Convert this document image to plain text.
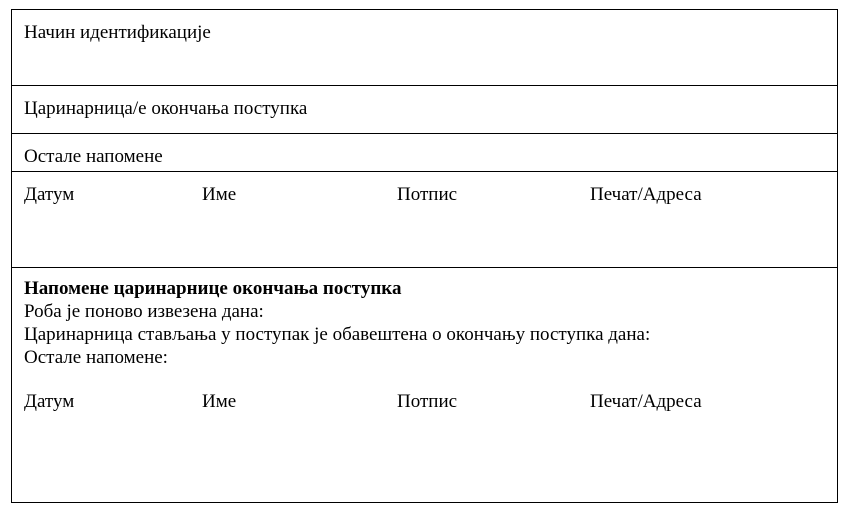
Начин идентификације
Царинарница/е окончања поступка
Остале напомене
Датум	Име	Потпис	Печат/Адреса
Напомене царинарнице окончања поступка
Роба је поново извезена дана:
Царинарница стављања у поступак је обавештена о окончању поступка дана:
Остале напомене:
Датум	Име	Потпис	Печат/Адреса
